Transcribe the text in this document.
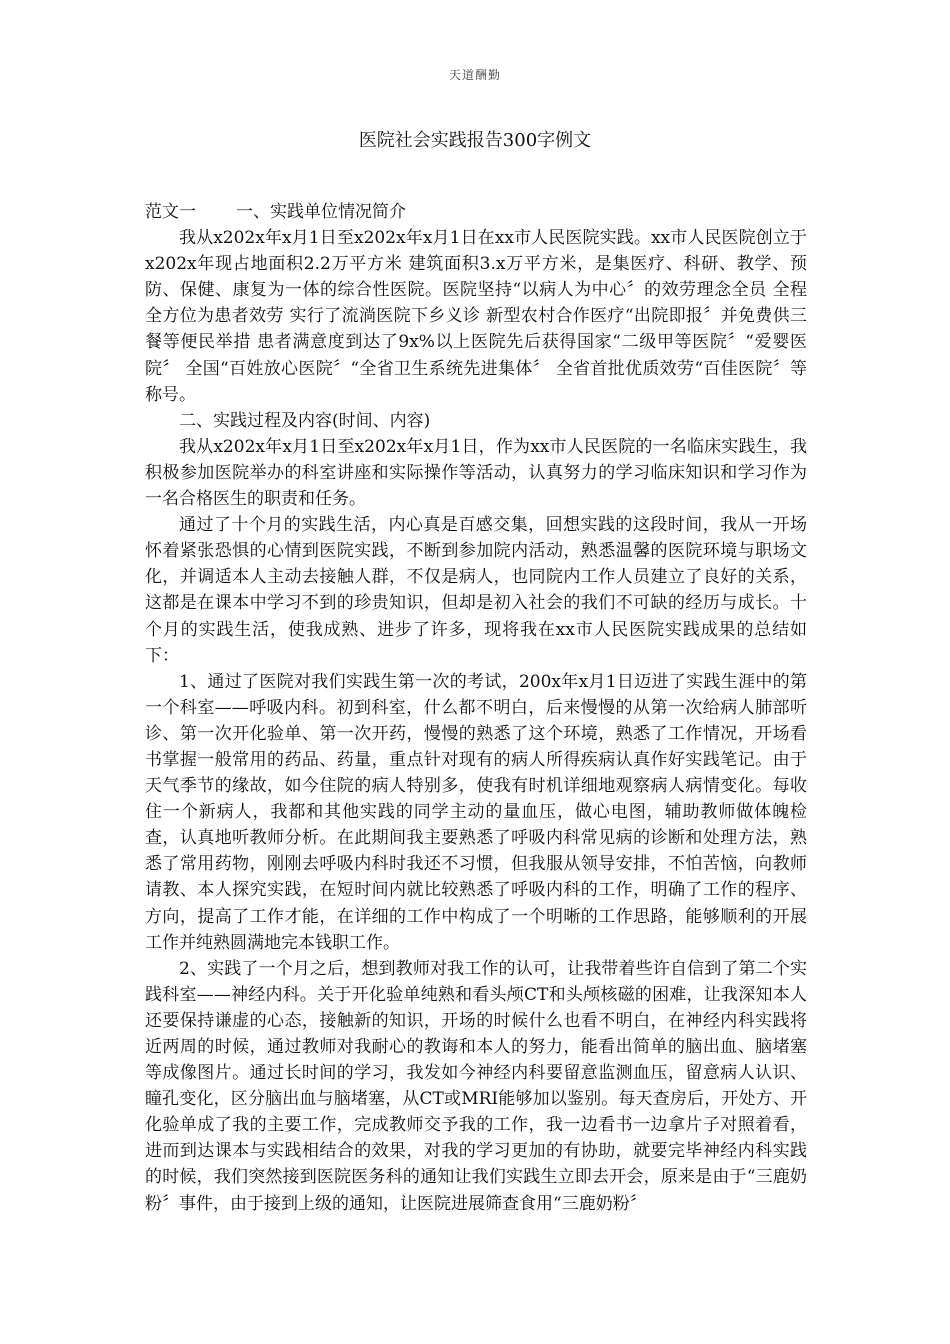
天道酬勤
医院社会实践报告300字例文

范文一 一、实践单位情况简介

我从x202x年x月1日至x202x年x月1日在xx市人民医院实践。xx市人民医院创立于x202x年现占地面积2.2万平方米 建筑面积3.x万平方米，是集医疗、科研、教学、预防、保健、康复为一体的综合性医院。医院坚持“以病人为中心〞的效劳理念全员 全程 全方位为患者效劳 实行了流淌医院下乡义诊 新型农村合作医疗“出院即报〞并免费供三餐等便民举措 患者满意度到达了9x%以上医院先后获得国家“二级甲等医院〞“爱婴医院〞 全国“百姓放心医院〞“全省卫生系统先进集体〞 全省首批优质效劳“百佳医院〞等称号。

二、实践过程及内容(时间、内容)

我从x202x年x月1日至x202x年x月1日，作为xx市人民医院的一名临床实践生，我积极参加医院举办的科室讲座和实际操作等活动，认真努力的学习临床知识和学习作为一名合格医生的职责和任务。

通过了十个月的实践生活，内心真是百感交集，回想实践的这段时间，我从一开场怀着紧张恐惧的心情到医院实践，不断到参加院内活动，熟悉温馨的医院环境与职场文化，并调适本人主动去接触人群，不仅是病人，也同院内工作人员建立了良好的关系，这都是在课本中学习不到的珍贵知识，但却是初入社会的我们不可缺的经历与成长。十个月的实践生活，使我成熟、进步了许多，现将我在xx市人民医院实践成果的总结如下：

1、通过了医院对我们实践生第一次的考试，200x年x月1日迈进了实践生涯中的第一个科室——呼吸内科。初到科室，什么都不明白，后来慢慢的从第一次给病人肺部听诊、第一次开化验单、第一次开药，慢慢的熟悉了这个环境，熟悉了工作情况，开场看书掌握一般常用的药品、药量，重点针对现有的病人所得疾病认真作好实践笔记。由于天气季节的缘故，如今住院的病人特别多，使我有时机详细地观察病人病情变化。每收住一个新病人，我都和其他实践的同学主动的量血压，做心电图，辅助教师做体魄检查，认真地听教师分析。在此期间我主要熟悉了呼吸内科常见病的诊断和处理方法，熟悉了常用药物，刚刚去呼吸内科时我还不习惯，但我服从领导安排，不怕苦恼，向教师请教、本人探究实践，在短时间内就比较熟悉了呼吸内科的工作，明确了工作的程序、方向，提高了工作才能，在详细的工作中构成了一个明晰的工作思路，能够顺利的开展工作并纯熟圆满地完本钱职工作。

2、实践了一个月之后，想到教师对我工作的认可，让我带着些许自信到了第二个实践科室——神经内科。关于开化验单纯熟和看头颅CT和头颅核磁的困难，让我深知本人还要保持谦虚的心态，接触新的知识，开场的时候什么也看不明白，在神经内科实践将近两周的时候，通过教师对我耐心的教诲和本人的努力，能看出简单的脑出血、脑堵塞等成像图片。通过长时间的学习，我发如今神经内科要留意监测血压，留意病人认识、瞳孔变化，区分脑出血与脑堵塞，从CT或MRI能够加以鉴别。每天查房后，开处方、开化验单成了我的主要工作，完成教师交予我的工作，我一边看书一边拿片子对照着看，进而到达课本与实践相结合的效果，对我的学习更加的有协助，就要完毕神经内科实践的时候，我们突然接到医院医务科的通知让我们实践生立即去开会，原来是由于“三鹿奶粉〞事件，由于接到上级的通知，让医院进展筛查食用“三鹿奶粉〞
